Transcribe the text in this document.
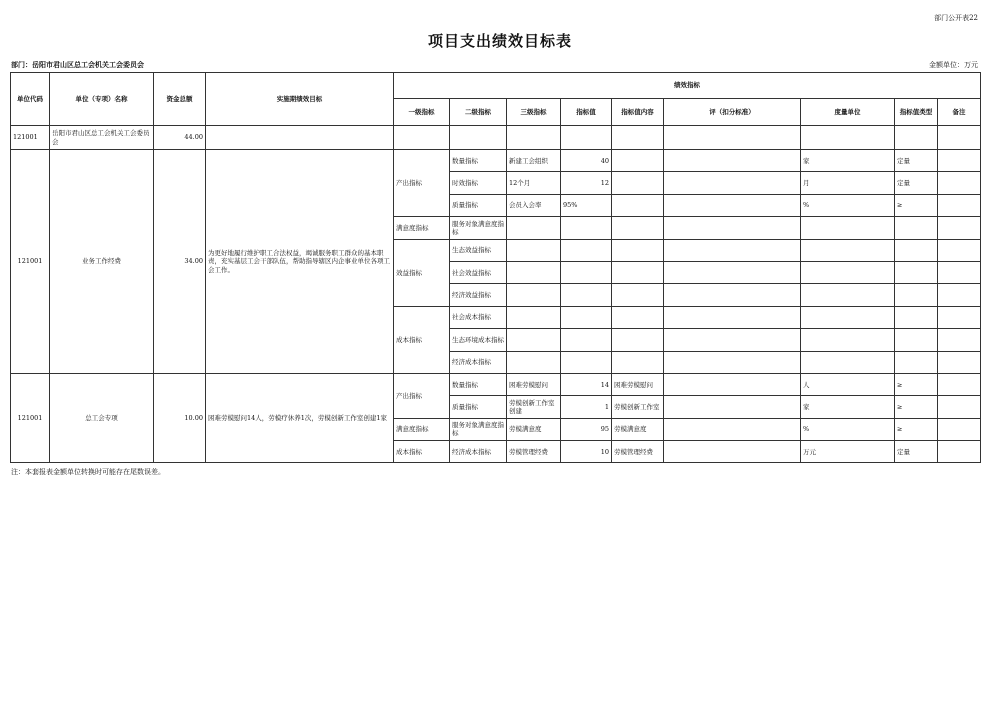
部门公开表22
项目支出绩效目标表
部门：岳阳市君山区总工会机关工会委员会	金额单位：万元
单位代码	单位（专项）名称	资金总额	实施期绩效目标	绩效指标								
				一级指标	二级指标	三级指标	指标值	指标值内容	评（扣分标准）	度量单位	指标值类型	备注
121001	岳阳市君山区总工会机关工会委员会	44.00										
121001	业务工作经费	34.00	为更好地履行维护职工合法权益，竭诚服务职工群众的基本职责，充实基层工会干部队伍，帮助指导辖区内企事业单位各项工会工作。	产出指标	数量指标	新建工会组织	40			家	定量	
					时效指标	12个月	12			月	定量	
					质量指标	会员入会率	95%			%	≥	
				满意度指标	服务对象满意度指标							
				效益指标	生态效益指标							
					社会效益指标							
					经济效益指标							
				成本指标	社会成本指标							
					生态环境成本指标							
					经济成本指标							
121001	总工会专项	10.00	困难劳模慰问14人，劳模疗休养1次，劳模创新工作室创建1家	产出指标	数量指标	困难劳模慰问	14	困难劳模慰问		人	≥	
					质量指标	劳模创新工作室创建	1	劳模创新工作室		家	≥	
				满意度指标	服务对象满意度指标	劳模满意度	95	劳模满意度		%	≥	
				成本指标	经济成本指标	劳模管理经费	10	劳模管理经费		万元	定量	
注：本套报表金额单位转换时可能存在尾数误差。
